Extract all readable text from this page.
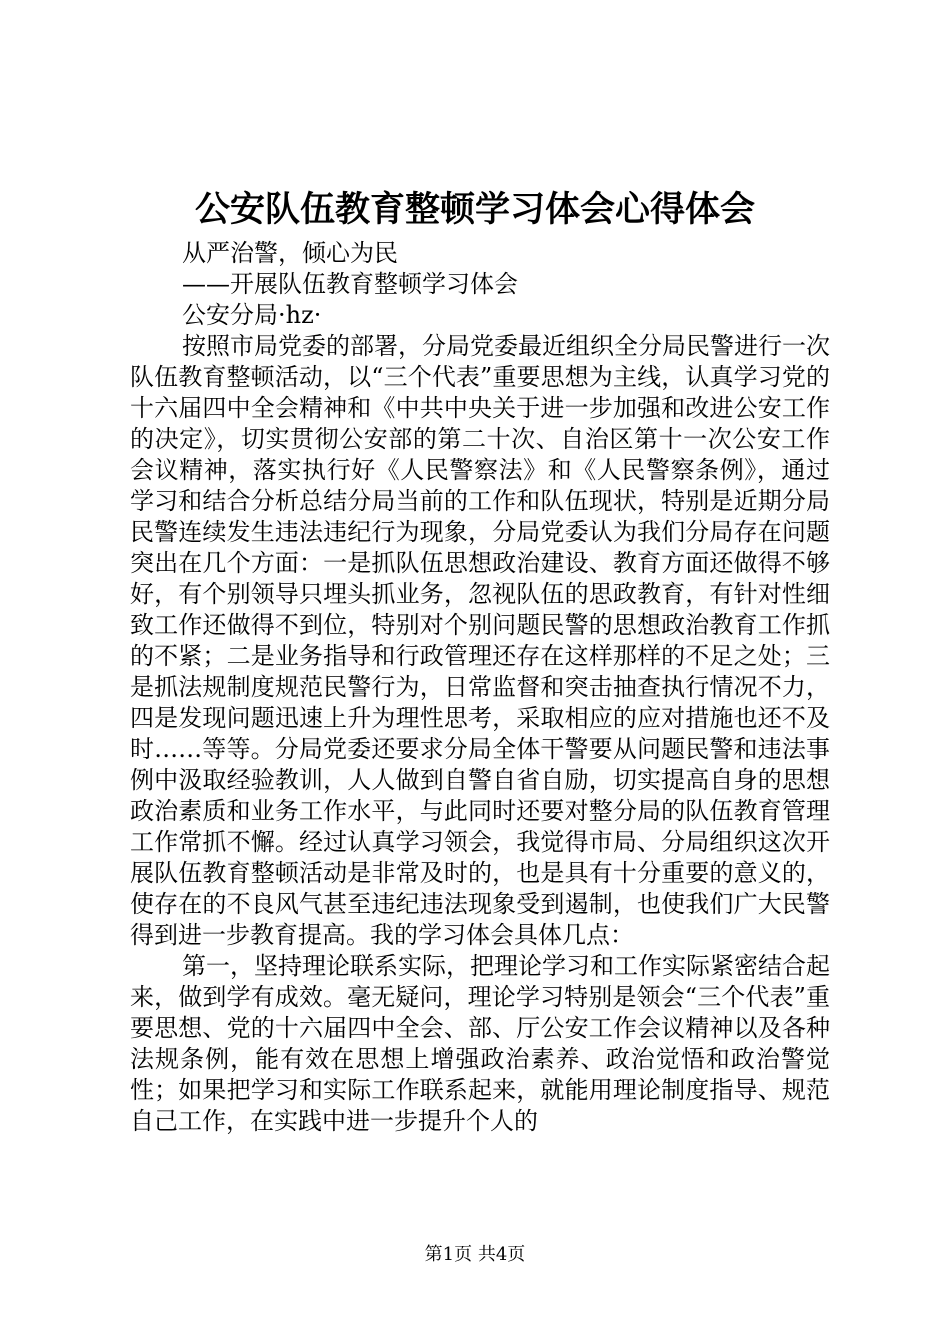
公安队伍教育整顿学习体会心得体会

从严治警，倾心为民

——开展队伍教育整顿学习体会

公安分局·hz·

按照市局党委的部署，分局党委最近组织全分局民警进行一次队伍教育整顿活动，以“三个代表”重要思想为主线，认真学习党的十六届四中全会精神和《中共中央关于进一步加强和改进公安工作的决定》，切实贯彻公安部的第二十次、自治区第十一次公安工作会议精神，落实执行好《人民警察法》和《人民警察条例》，通过学习和结合分析总结分局当前的工作和队伍现状，特别是近期分局民警连续发生违法违纪行为现象，分局党委认为我们分局存在问题突出在几个方面：一是抓队伍思想政治建设、教育方面还做得不够好，有个别领导只埋头抓业务，忽视队伍的思政教育，有针对性细致工作还做得不到位，特别对个别问题民警的思想政治教育工作抓的不紧；二是业务指导和行政管理还存在这样那样的不足之处；三是抓法规制度规范民警行为，日常监督和突击抽查执行情况不力，四是发现问题迅速上升为理性思考，采取相应的应对措施也还不及时……等等。分局党委还要求分局全体干警要从问题民警和违法事例中汲取经验教训，人人做到自警自省自励，切实提高自身的思想政治素质和业务工作水平，与此同时还要对整分局的队伍教育管理工作常抓不懈。经过认真学习领会，我觉得市局、分局组织这次开展队伍教育整顿活动是非常及时的，也是具有十分重要的意义的，使存在的不良风气甚至违纪违法现象受到遏制，也使我们广大民警得到进一步教育提高。我的学习体会具体几点：

第一，坚持理论联系实际，把理论学习和工作实际紧密结合起来，做到学有成效。毫无疑问，理论学习特别是领会“三个代表”重要思想、党的十六届四中全会、部、厅公安工作会议精神以及各种法规条例，能有效在思想上增强政治素养、政治觉悟和政治警觉性；如果把学习和实际工作联系起来，就能用理论制度指导、规范自己工作，在实践中进一步提升个人的

第1页 共4页
